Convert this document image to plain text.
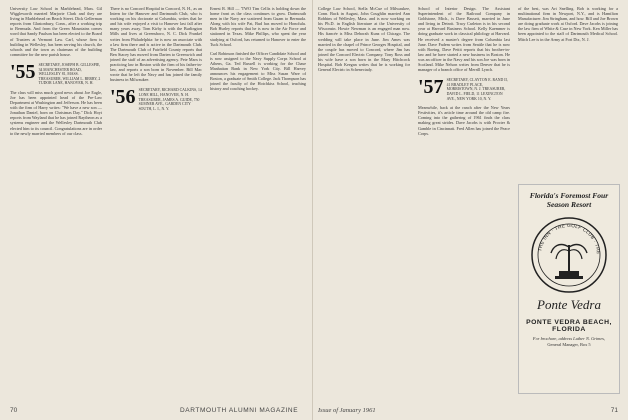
University Law School in Marblehead, Mass. Gil Wiggleworth married Marjorie Clark and they are living in Marblehead on Beach Street. Dick Gellerman reports from Glastonbury, Conn., after a working trip to Bermuda. And from the Green Mountains comes word that Sandy Paulson has been elected to the Board of Trustees at Vermont Law. Carl, whose firm is building in Wellesley, has been serving his church, the schools and the town as chairman of the building committee for the new parish house.
'55 SECRETARY, JOSEPH B. GILLESPIE, 34 MANCHESTER ROAD, WELLESLEY 81, MASS. TREASURER, WILLIAM L. BERRY, 2 TUDOR LANE, HANOVER, N. H.
The class will miss much good news about Joe Eagle, Joe has been appointed head of the Pre-Law Department at Washington and Jefferson. He has been with the firm of Harry writes: "We have a new son — Jonathan Daniel, born on Christmas Day." Dick Hoyt reports from Wayland that he has joined Raytheon as a systems engineer and the Wellesley Dartmouth Club elected him to its council. Congratulations are in order to the newly married members of our class.
There is no Concord Hospital in Concord, N. H., as an Intern for the Hanover and Dartmouth Club, who is working on his doctorate at Columbia, writes that he and his wife enjoyed a visit to Hanover last fall after many years away. Tom Kirby is with the Burlington Mills and lives at Greensboro, N. C. Dick Frankel writes from Philadelphia: he is now an associate with a law firm there and is active in the Dartmouth Club. The Dartmouth Club of Fairfield County reports that Ben Stacey has moved from Darien to Greenwich and joined the staff of an advertising agency. Pete Marx is practicing law in Boston with the firm of his father-in-law, and reports a son born in November. Bill Mac wrote that he left the Navy and has joined the family business in Milwaukee.
'56 SECRETARY, RICHARD CALKINS, 14 LONE HILL, HANOVER, N. H. TREASURER, JAMES A. GUIDE, 750 SUMNER AVE., GARDEN CITY SOUTH, L. I., N. Y.
Ernest R. Hill — 'TWO Tim Cellis is holding down the home front as the class continues to grow. Dartmouth men in the Navy are scattered from Guam to Bermuda. Along with his wife Pat, Bud has moved to Honolulu. Bob Hurley reports that he is now in the Air Force and stationed in Texas. Mike Phillips, who spent the year studying at Oxford, has returned to Hanover to enter the Tuck School.
Carl Robinson finished the Officer Candidate School and is now assigned to the Navy Supply Corps School at Athens, Ga. Ted Russell is working for the Chase Manhattan Bank in New York City. Bill Harvey announces his engagement to Miss Susan Ware of Boston, a graduate of Smith College. Jack Thompson has joined the faculty of the Hotchkiss School, teaching history and coaching hockey.
College Law School, Stella McCue of Milwaukee, Conn. Back in August, John Coughlin married Ann Robbins of Wellesley, Mass. and is now working on his Ph.D. in English literature at the University of Wisconsin. Howie Newman is an engaged man now. His fiancée is Miss Deborah Kunz of Chicago. The wedding will take place in June. Jim Ames was married in the chapel of Prince Georges Hospital, and the couple has moved to Concord, where Jim has joined the Concord Electric Company. Tony Ross and his wife have a son born in the Mary Hitchcock Hospital. Bob Keegan writes that he is working for General Electric in Schenectady.
School of Interior Design. The Assistant Superintendent of the Railroad Company in Goldstone, Mich., is Dave Bassett, married in June and living in Detroit. Tracy Carleton is in his second year at Harvard Business School. Kelly Kaemmer is doing graduate work in classical philology at Harvard. He received a master's degree from Columbia last June. Dave Fadem writes from Seattle that he is now with Boeing. Dave Pettit reports that his brother-in-law and he have started a new business in Boston. He was an officer in the Navy and his son Joe was born in Scotland. Mike Nelson writes from Denver that he is manager of a branch office of Merrill Lynch.
'57 SECRETARY, CLAYTON E. RAND II, 41 BRADLEY PLACE, MORRISTOWN, N. J. TREASURER, DAVID L. FIELD, 11 LEXINGTON AVE., NEW YORK 10, N. Y.
Meanwhile, back at the ranch after the New Years Festivities, it's article time around the old camp fire. Coming into the gathering of 1961 finds the class making great strides. Dave Jacobs is with Procter & Gamble in Cincinnati. Fred Allen has joined the Peace Corps.
of the best, was Art Snelling. Bob is working for a multinational firm in Newport, N.Y., and is Hamilton Manufacturer. Jim Stringham, and how. Bill and Joe Brown are doing graduate work at Oxford. Dave Jacobs is joining the law firm of White & Case in New York. Ken Miller has been appointed to the staff of Dartmouth Medical School. Mitch Lee is in the Army at Fort Dix, N. J.
Florida's Foremost Four Season Resort
THE INN · THE GOLF CLUB · THE
Ponte Vedra
PONTE VEDRA BEACH, FLORIDA
For brochure, address Luther N. Grimes,
General Manager, Box 5
70	DARTMOUTH ALUMNI MAGAZINE	Issue of January 1961	71
